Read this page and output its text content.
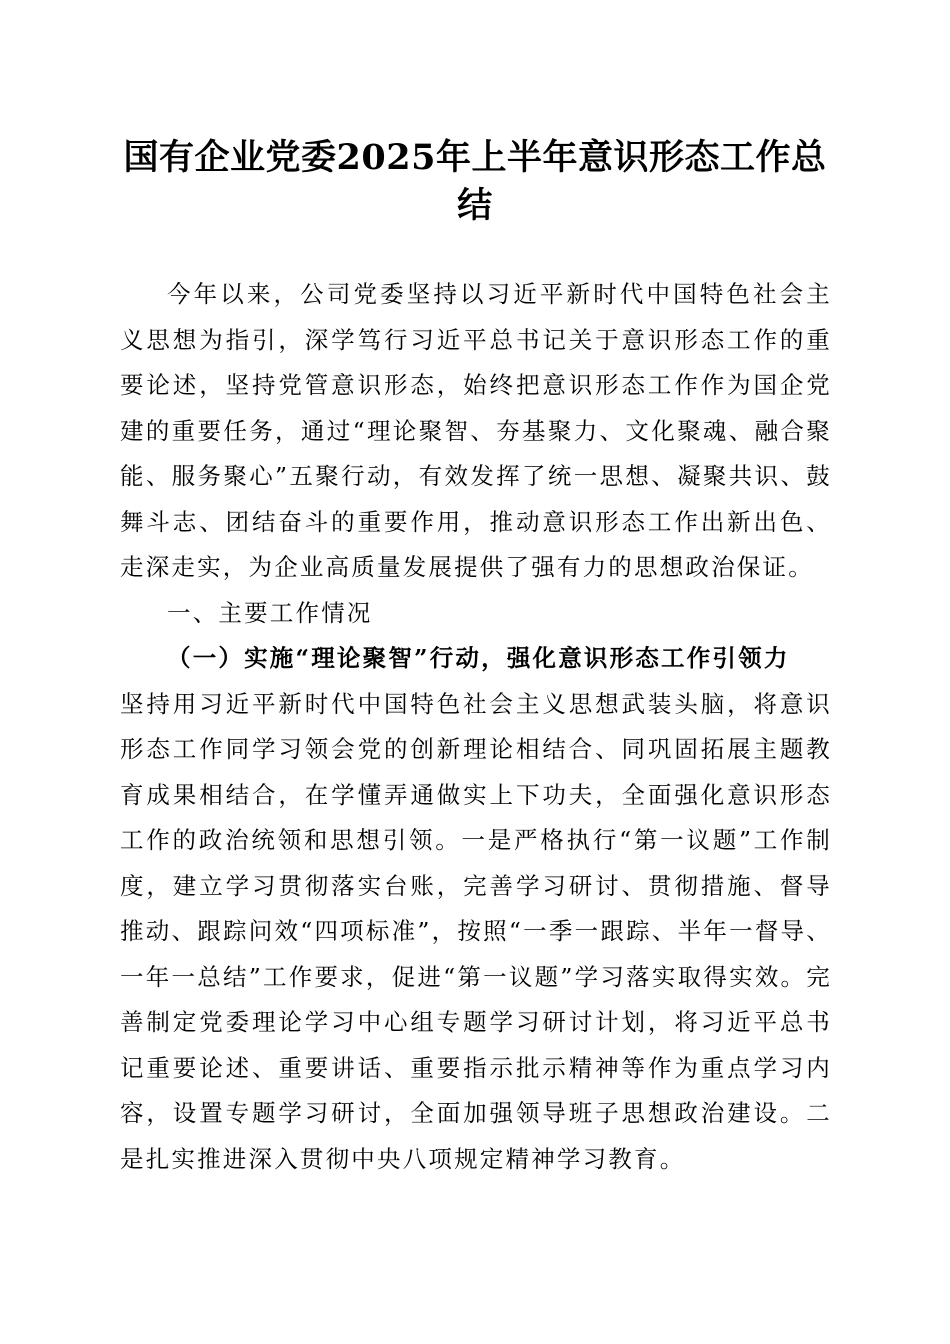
国有企业党委2025年上半年意识形态工作总结

今年以来，公司党委坚持以习近平新时代中国特色社会主义思想为指引，深学笃行习近平总书记关于意识形态工作的重要论述，坚持党管意识形态，始终把意识形态工作作为国企党建的重要任务，通过“理论聚智、夯基聚力、文化聚魂、融合聚能、服务聚心”五聚行动，有效发挥了统一思想、凝聚共识、鼓舞斗志、团结奋斗的重要作用，推动意识形态工作出新出色、走深走实，为企业高质量发展提供了强有力的思想政治保证。

一、主要工作情况

（一）实施“理论聚智”行动，强化意识形态工作引领力

坚持用习近平新时代中国特色社会主义思想武装头脑，将意识形态工作同学习领会党的创新理论相结合、同巩固拓展主题教育成果相结合，在学懂弄通做实上下功夫，全面强化意识形态工作的政治统领和思想引领。一是严格执行“第一议题”工作制度，建立学习贯彻落实台账，完善学习研讨、贯彻措施、督导推动、跟踪问效“四项标准”，按照“一季一跟踪、半年一督导、一年一总结”工作要求，促进“第一议题”学习落实取得实效。完善制定党委理论学习中心组专题学习研讨计划，将习近平总书记重要论述、重要讲话、重要指示批示精神等作为重点学习内容，设置专题学习研讨，全面加强领导班子思想政治建设。二是扎实推进深入贯彻中央八项规定精神学习教育。
